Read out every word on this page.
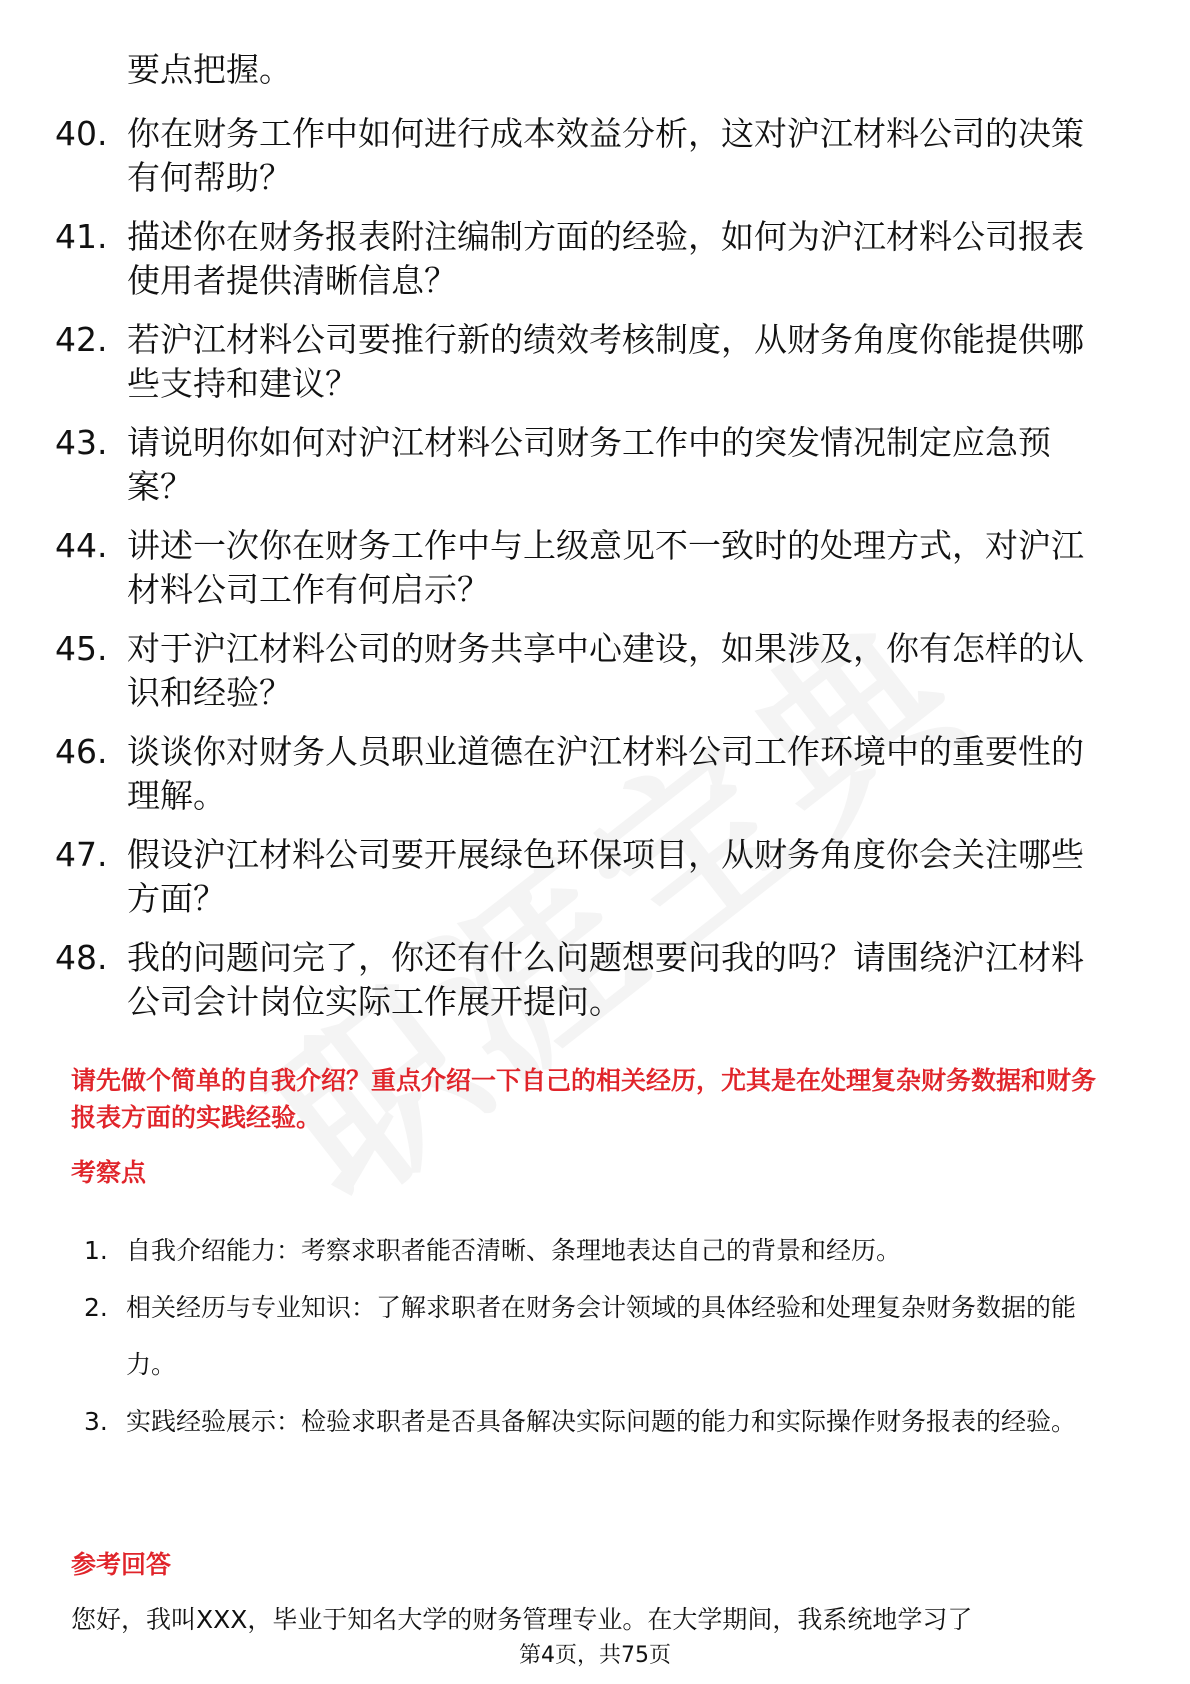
要点把握。

40. 你在财务工作中如何进行成本效益分析，这对沪江材料公司的决策有何帮助？
41. 描述你在财务报表附注编制方面的经验，如何为沪江材料公司报表使用者提供清晰信息？
42. 若沪江材料公司要推行新的绩效考核制度，从财务角度你能提供哪些支持和建议？
43. 请说明你如何对沪江材料公司财务工作中的突发情况制定应急预案？
44. 讲述一次你在财务工作中与上级意见不一致时的处理方式，对沪江材料公司工作有何启示？
45. 对于沪江材料公司的财务共享中心建设，如果涉及，你有怎样的认识和经验？
46. 谈谈你对财务人员职业道德在沪江材料公司工作环境中的重要性的理解。
47. 假设沪江材料公司要开展绿色环保项目，从财务角度你会关注哪些方面？
48. 我的问题问完了，你还有什么问题想要问我的吗？请围绕沪江材料公司会计岗位实际工作展开提问。

请先做个简单的自我介绍？重点介绍一下自己的相关经历，尤其是在处理复杂财务数据和财务报表方面的实践经验。

考察点
1. 自我介绍能力：考察求职者能否清晰、条理地表达自己的背景和经历。
2. 相关经历与专业知识：了解求职者在财务会计领域的具体经验和处理复杂财务数据的能力。
3. 实践经验展示：检验求职者是否具备解决实际问题的能力和实际操作财务报表的经验。
参考回答

您好，我叫XXX，毕业于知名大学的财务管理专业。在大学期间，我系统地学习了

第4页，共75页
